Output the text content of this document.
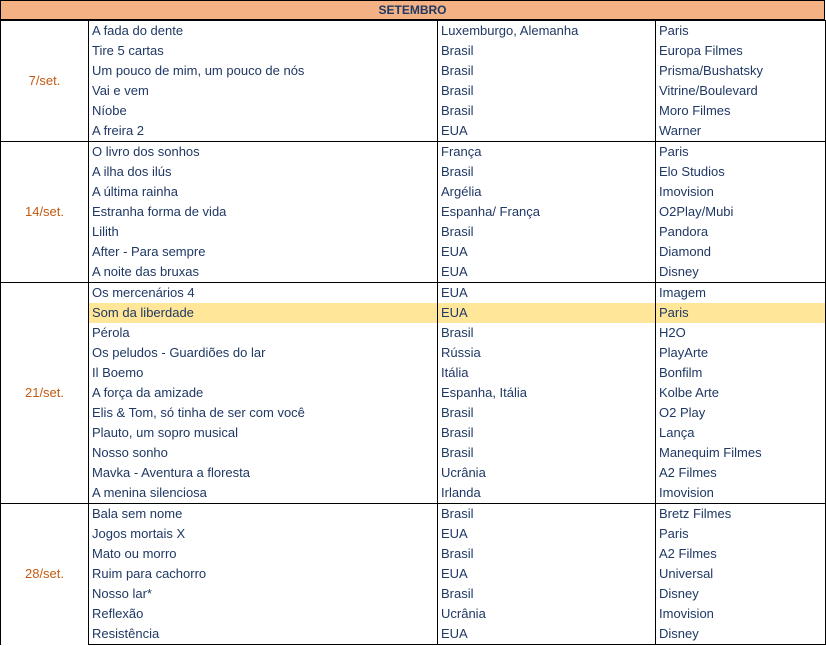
SETEMBRO
7/set.	A fada do dente	Luxemburgo, Alemanha	Paris
	Tire 5 cartas	Brasil	Europa Filmes
	Um pouco de mim, um pouco de nós	Brasil	Prisma/Bushatsky
	Vai e vem	Brasil	Vitrine/Boulevard
	Níobe	Brasil	Moro Filmes
	A freira 2	EUA	Warner
14/set.	O livro dos sonhos	França	Paris
	A ilha dos ilús	Brasil	Elo Studios
	A última rainha	Argélia	Imovision
	Estranha forma de vida	Espanha/ França	O2Play/Mubi
	Lilith	Brasil	Pandora
	After - Para sempre	EUA	Diamond
	A noite das bruxas	EUA	Disney
21/set.	Os mercenários 4	EUA	Imagem
	Som da liberdade	EUA	Paris
	Pérola	Brasil	H2O
	Os peludos - Guardiões do lar	Rússia	PlayArte
	Il Boemo	Itália	Bonfilm
	A força da amizade	Espanha, Itália	Kolbe Arte
	Elis & Tom, só tinha de ser com você	Brasil	O2 Play
	Plauto, um sopro musical	Brasil	Lança
	Nosso sonho	Brasil	Manequim Filmes
	Mavka - Aventura a floresta	Ucrânia	A2 Filmes
	A menina silenciosa	Irlanda	Imovision
28/set.	Bala sem nome	Brasil	Bretz Filmes
	Jogos mortais X	EUA	Paris
	Mato ou morro	Brasil	A2 Filmes
	Ruim para cachorro	EUA	Universal
	Nosso lar*	Brasil	Disney
	Reflexão	Ucrânia	Imovision
	Resistência	EUA	Disney
